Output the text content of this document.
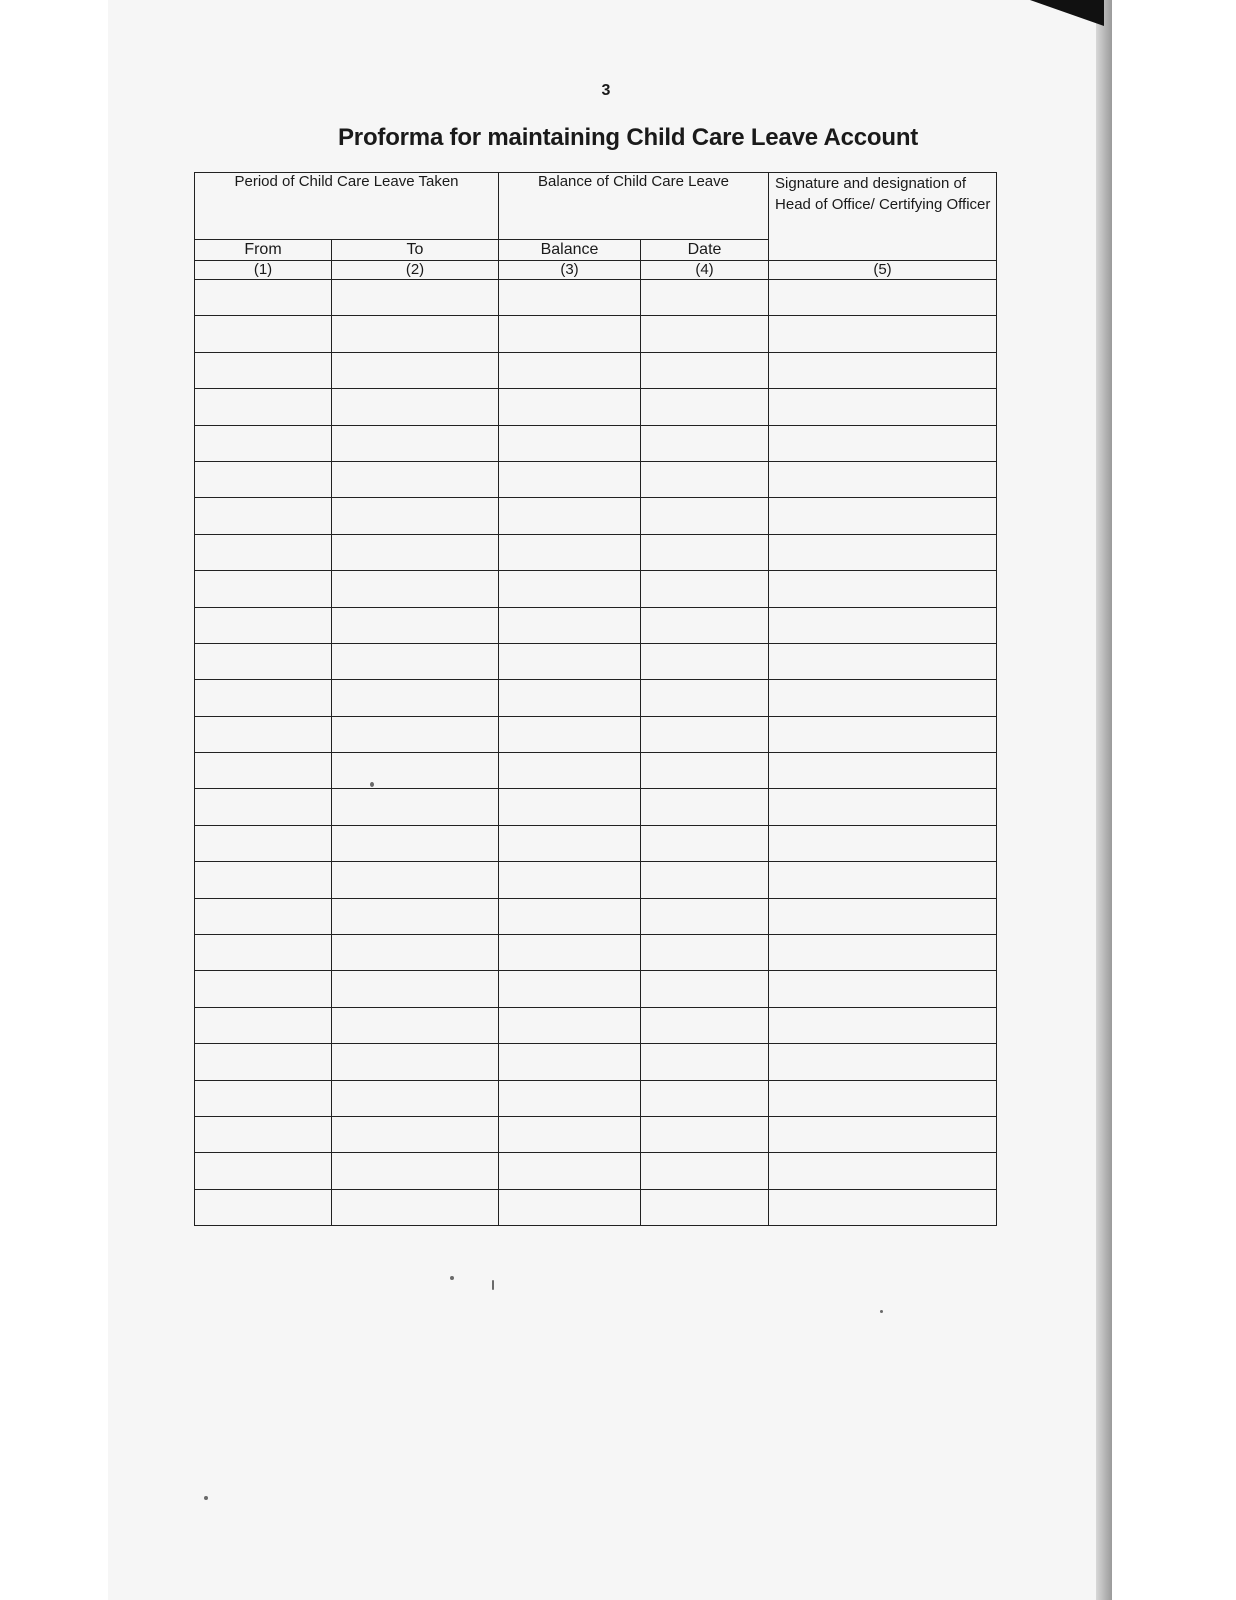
3
Proforma for maintaining Child Care Leave Account
Period of Child Care Leave Taken		Balance of Child Care Leave		Signature and designation of Head of Office/ Certifying Officer
From	To	Balance	Date	
(1)	(2)	(3)	(4)	(5)
